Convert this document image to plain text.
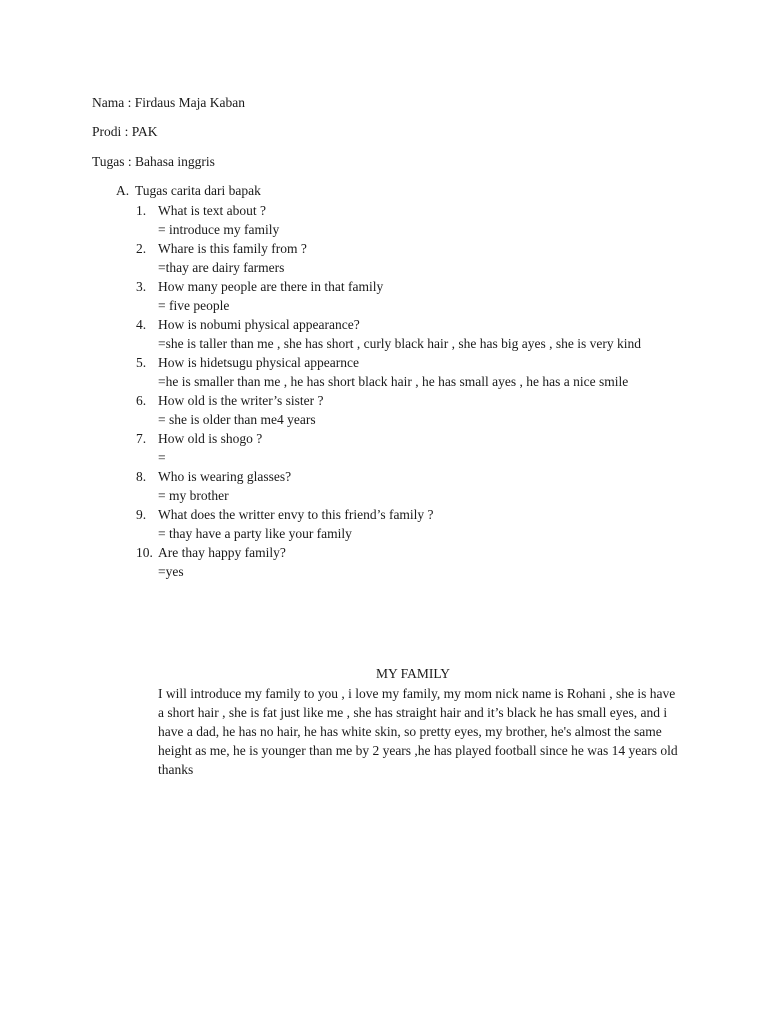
Nama : Firdaus Maja Kaban
Prodi : PAK
Tugas : Bahasa inggris
A. Tugas carita dari bapak
1. What is text about ?
= introduce my family
2. Whare is this family from ?
=thay are dairy farmers
3. How many people are there in that family
= five people
4. How is nobumi physical appearance?
=she is taller than me , she has short , curly black hair , she has big ayes , she is very kind
5. How is hidetsugu physical appearnce
=he is smaller than me , he has short black hair , he has small ayes , he has a nice smile
6. How old is the writer’s sister ?
= she is older than me4 years
7. How old is shogo ?
=
8. Who is wearing glasses?
= my brother
9. What does the writter envy to this friend’s family ?
= thay have a party like your family
10. Are thay happy family?
=yes
MY FAMILY
I will introduce my family to you , i love my family, my mom nick name is Rohani , she is have a short hair , she is fat just like me , she has straight hair and it’s black he has small eyes, and i have a dad, he has no hair, he has white skin, so pretty eyes, my brother, he's almost the same height as me, he is younger than me by 2 years ,he has played football since he was 14 years old thanks
